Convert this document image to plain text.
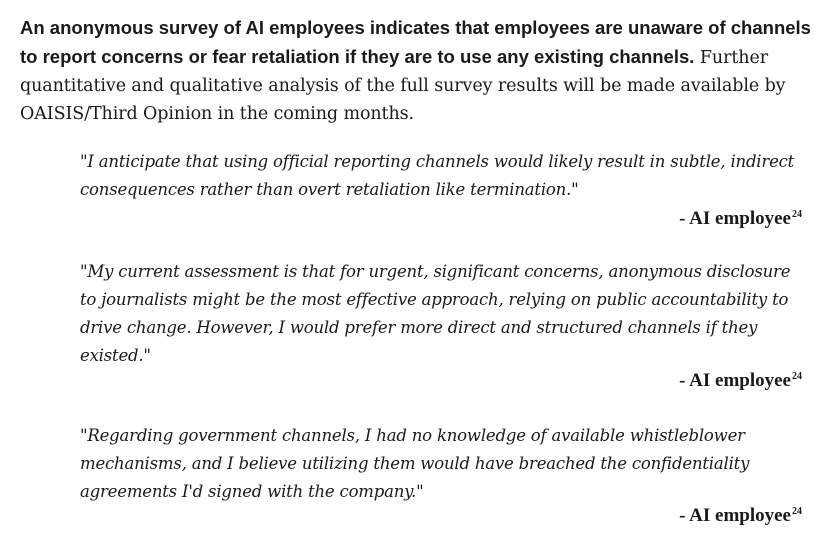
An anonymous survey of AI employees indicates that employees are unaware of channels to report concerns or fear retaliation if they are to use any existing channels. Further quantitative and qualitative analysis of the full survey results will be made available by OAISIS/Third Opinion in the coming months.

"I anticipate that using official reporting channels would likely result in subtle, indirect consequences rather than overt retaliation like termination."

- AI employee$^{24}$

"My current assessment is that for urgent, significant concerns, anonymous disclosure to journalists might be the most effective approach, relying on public accountability to drive change. However, I would prefer more direct and structured channels if they existed."

- AI employee$^{24}$

"Regarding government channels, I had no knowledge of available whistleblower mechanisms, and I believe utilizing them would have breached the confidentiality agreements I'd signed with the company."

- AI employee$^{24}$
